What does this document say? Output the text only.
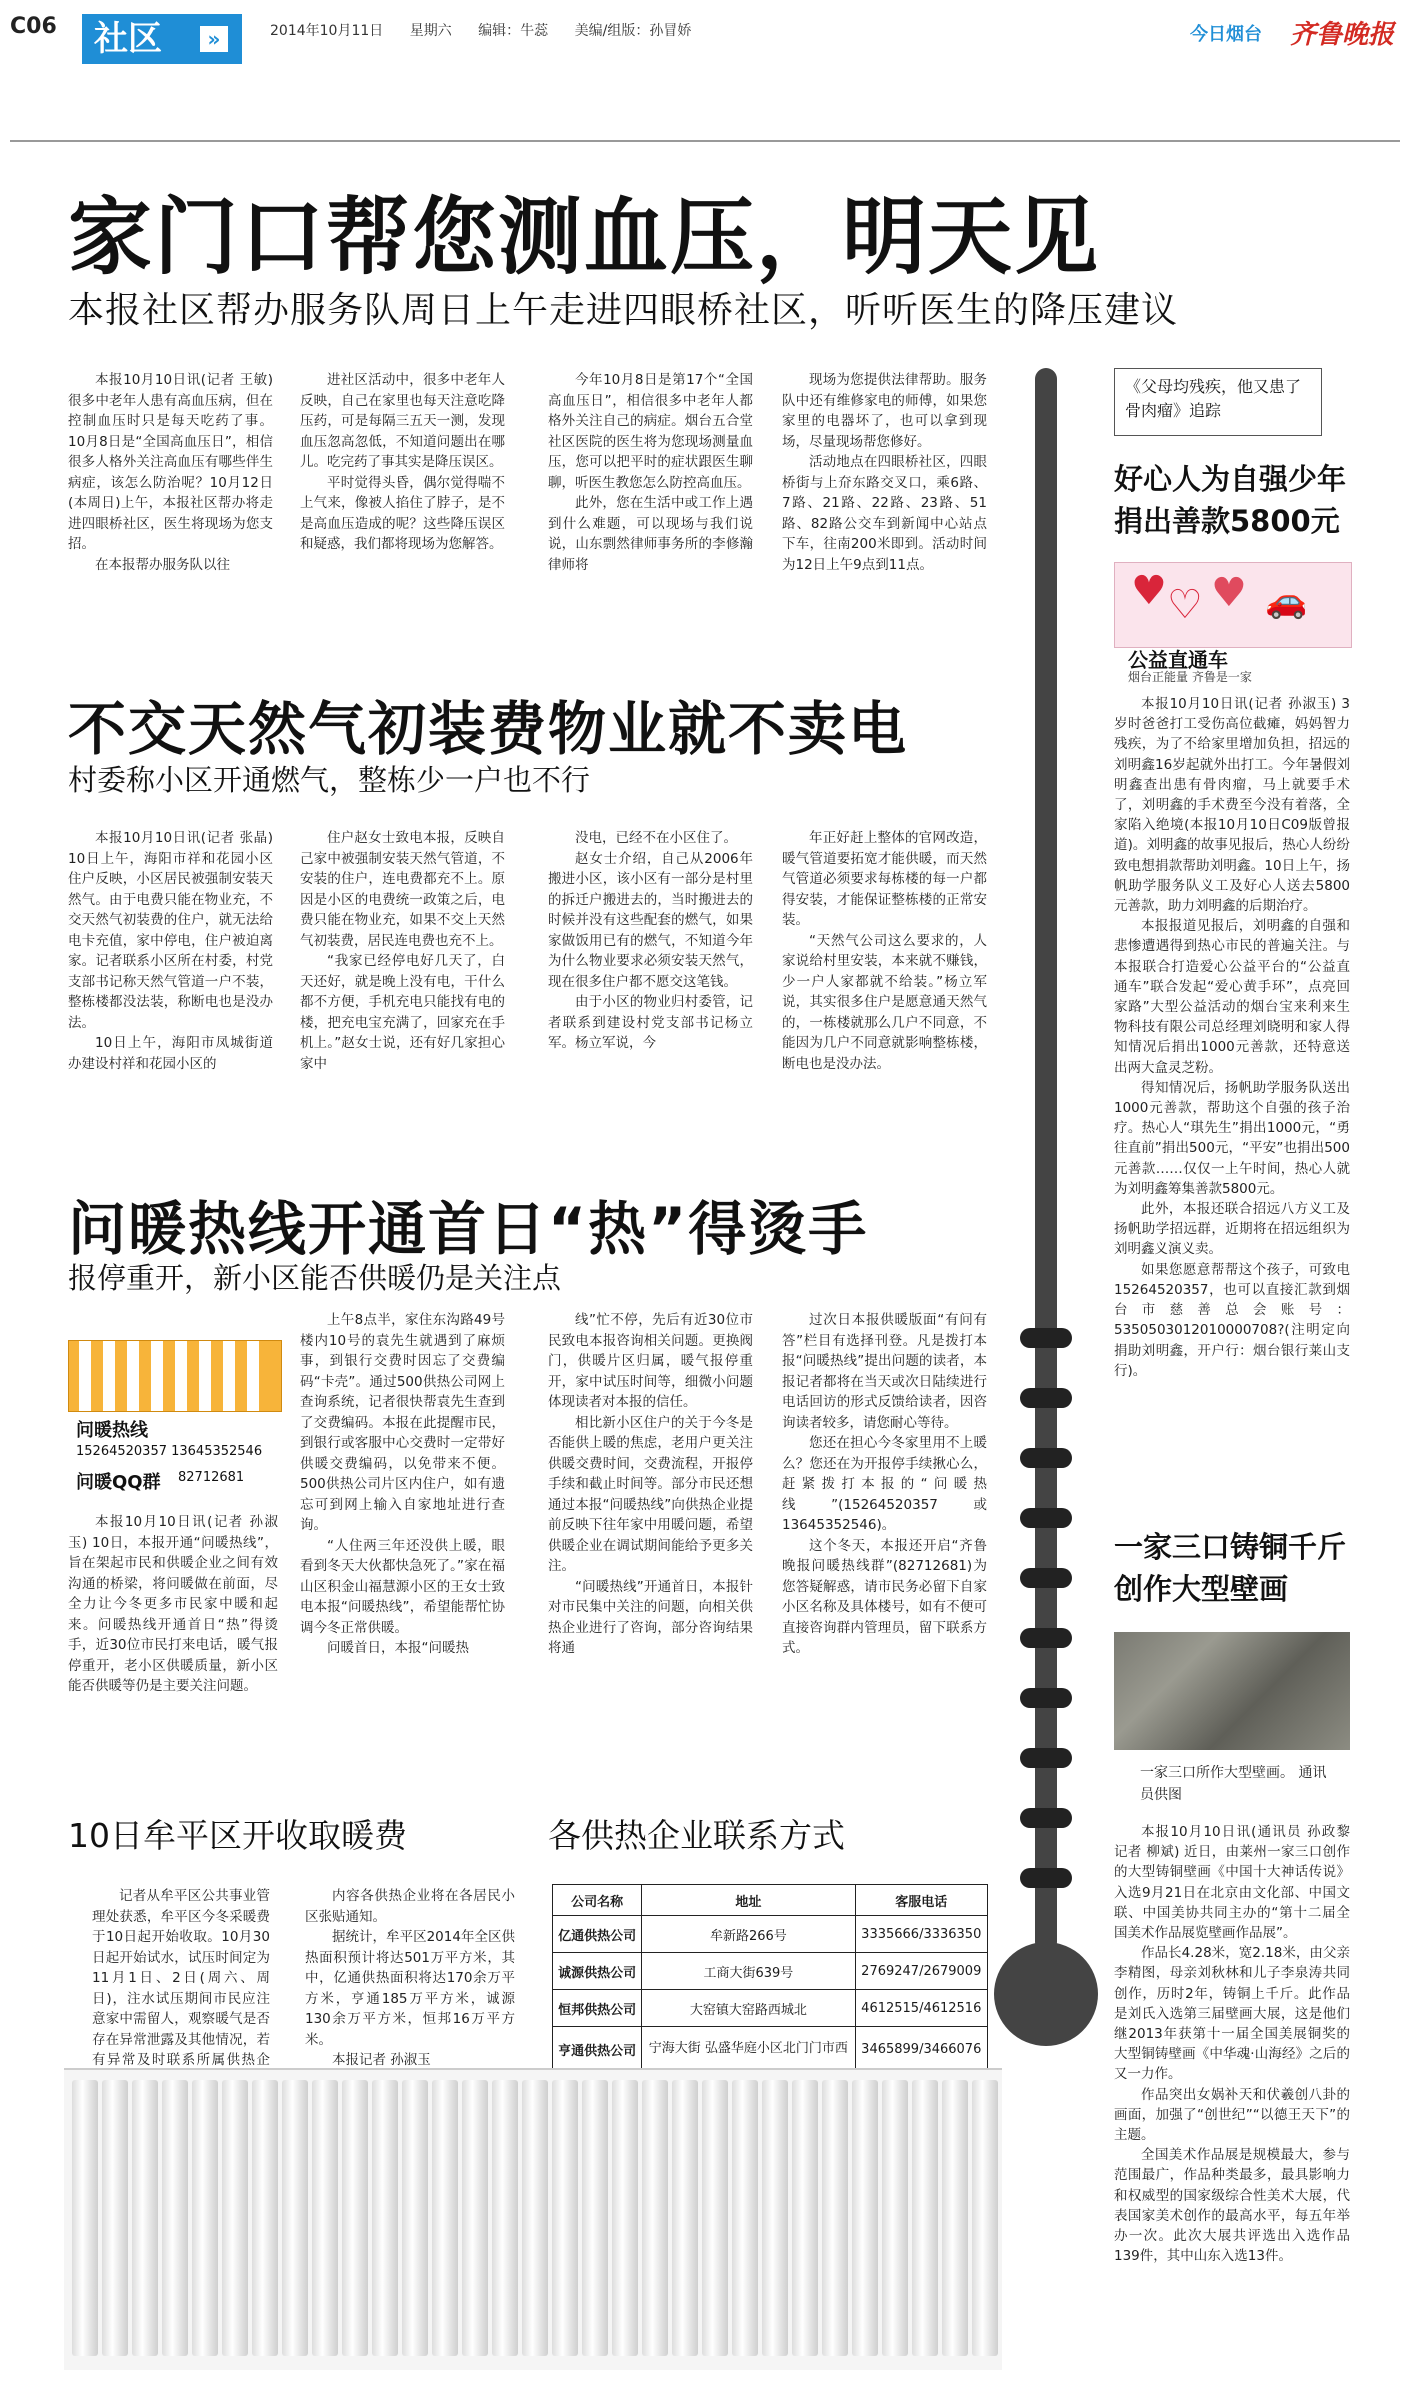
C06	社区	»	2014年10月11日 星期六 编辑：牛蕊 美编/组版：孙冒娇	今日烟台 齐鲁晚报
家门口帮您测血压，明天见
本报社区帮办服务队周日上午走进四眼桥社区，听听医生的降压建议

本报10月10日讯(记者 王敏) 很多中老年人患有高血压病，但在控制血压时只是每天吃药了事。10月8日是“全国高血压日”，相信很多人格外关注高血压有哪些伴生病症，该怎么防治呢？10月12日(本周日)上午，本报社区帮办将走进四眼桥社区，医生将现场为您支招。

在本报帮办服务队以往

进社区活动中，很多中老年人反映，自己在家里也每天注意吃降压药，可是每隔三五天一测，发现血压忽高忽低，不知道问题出在哪儿。吃完药了事其实是降压误区。

平时觉得头昏，偶尔觉得喘不上气来，像被人掐住了脖子，是不是高血压造成的呢？这些降压误区和疑惑，我们都将现场为您解答。

今年10月8日是第17个“全国高血压日”，相信很多中老年人都格外关注自己的病症。烟台五合堂社区医院的医生将为您现场测量血压，您可以把平时的症状跟医生聊聊，听医生教您怎么防控高血压。

此外，您在生活中或工作上遇到什么难题，可以现场与我们说说，山东剽然律师事务所的李修瀚律师将

现场为您提供法律帮助。服务队中还有维修家电的师傅，如果您家里的电器坏了，也可以拿到现场，尽量现场帮您修好。

活动地点在四眼桥社区，四眼桥街与上夼东路交叉口，乘6路、7路、21路、22路、23路、51路、82路公交车到新闻中心站点下车，往南200米即到。活动时间为12日上午9点到11点。

不交天然气初装费物业就不卖电
村委称小区开通燃气，整栋少一户也不行

本报10月10日讯(记者 张晶) 10日上午，海阳市祥和花园小区住户反映，小区居民被强制安装天然气。由于电费只能在物业充，不交天然气初装费的住户，就无法给电卡充值，家中停电，住户被迫离家。记者联系小区所在村委，村党支部书记称天然气管道一户不装，整栋楼都没法装，称断电也是没办法。

10日上午，海阳市凤城街道办建设村祥和花园小区的

住户赵女士致电本报，反映自己家中被强制安装天然气管道，不安装的住户，连电费都充不上。原因是小区的电费统一政策之后，电费只能在物业充，如果不交上天然气初装费，居民连电费也充不上。

“我家已经停电好几天了，白天还好，就是晚上没有电，干什么都不方便，手机充电只能找有电的楼，把充电宝充满了，回家充在手机上。”赵女士说，还有好几家担心家中

没电，已经不在小区住了。

赵女士介绍，自己从2006年搬进小区，该小区有一部分是村里的拆迁户搬进去的，当时搬进去的时候并没有这些配套的燃气，如果家做饭用已有的燃气，不知道今年为什么物业要求必须安装天然气，现在很多住户都不愿交这笔钱。

由于小区的物业归村委管，记者联系到建设村党支部书记杨立军。杨立军说，今

年正好赶上整体的官网改造，暖气管道要拓宽才能供暖，而天然气管道必须要求每栋楼的每一户都得安装，才能保证整栋楼的正常安装。

“天然气公司这么要求的，人家说给村里安装，本来就不赚钱，少一户人家都就不给装。”杨立军说，其实很多住户是愿意通天然气的，一栋楼就那么几户不同意，不能因为几户不同意就影响整栋楼，断电也是没办法。

问暖热线开通首日“热”得烫手
报停重开，新小区能否供暖仍是关注点
问暖热线
15264520357 13645352546
问暖QQ群 82712681

本报10月10日讯(记者 孙淑玉) 10日，本报开通“问暖热线”，旨在架起市民和供暖企业之间有效沟通的桥梁，将问暖做在前面，尽全力让今冬更多市民家中暖和起来。问暖热线开通首日“热”得烫手，近30位市民打来电话，暖气报停重开，老小区供暖质量，新小区能否供暖等仍是主要关注问题。

上午8点半，家住东沟路49号楼内10号的袁先生就遇到了麻烦事，到银行交费时因忘了交费编码“卡壳”。通过500供热公司网上查询系统，记者很快帮袁先生查到了交费编码。本报在此提醒市民，到银行或客服中心交费时一定带好供暖交费编码，以免带来不便。500供热公司片区内住户，如有遗忘可到网上输入自家地址进行查询。

“人住两三年还没供上暖，眼看到冬天大伙都快急死了。”家在福山区积金山福慧源小区的王女士致电本报“问暖热线”，希望能帮忙协调今冬正常供暖。

问暖首日，本报“问暖热

线”忙不停，先后有近30位市民致电本报咨询相关问题。更换阀门，供暖片区归属，暖气报停重开，家中试压时间等，细微小问题体现读者对本报的信任。

相比新小区住户的关于今冬是否能供上暖的焦虑，老用户更关注供暖交费时间，交费流程，开报停手续和截止时间等。部分市民还想通过本报“问暖热线”向供热企业提前反映下往年家中用暖问题，希望供暖企业在调试期间能给予更多关注。

“问暖热线”开通首日，本报针对市民集中关注的问题，向相关供热企业进行了咨询，部分咨询结果将通

过次日本报供暖版面“有问有答”栏目有选择刊登。凡是拨打本报“问暖热线”提出问题的读者，本报记者都将在当天或次日陆续进行电话回访的形式反馈给读者，因咨询读者较多，请您耐心等待。

您还在担心今冬家里用不上暖么？您还在为开报停手续揪心么，赶紧拨打本报的“问暖热线”(15264520357或13645352546)。

这个冬天，本报还开启“齐鲁晚报问暖热线群”(82712681)为您答疑解惑，请市民务必留下自家小区名称及具体楼号，如有不便可直接咨询群内管理员，留下联系方式。

10日牟平区开收取暖费

记者从牟平区公共事业管理处获悉，牟平区今冬采暖费于10日起开始收取。10月30日起开始试水，试压时间定为11月1日、2日(周六、周日)，注水试压期间市民应注意家中需留人，观察暖气是否存在异常泄露及其他情况，若有异常及时联系所属供热企

内容各供热企业将在各居民小区张贴通知。

据统计，牟平区2014年全区供热面积预计将达501万平方米，其中，亿通供热面积将达170余万平方米，亨通185万平方米，诚源130余万平方米，恒邦16万平方米。

本报记者 孙淑玉

各供热企业联系方式
公司名称	地址	客服电话
亿通供热公司	牟新路266号	3335666/3336350
诚源供热公司	工商大街639号	2769247/2679009
恒邦供热公司	大窑镇大窑路西城北	4612515/4612516
亨通供热公司	宁海大街 弘盛华庭小区北门门市西	3465899/3466076
《父母均残疾，他又患了骨肉瘤》追踪
好心人为自强少年捐出善款5800元
♥ ♡ ♥ 🚗
公益直通车
烟台正能量 齐鲁是一家

本报10月10日讯(记者 孙淑玉) 3岁时爸爸打工受伤高位截瘫，妈妈智力残疾，为了不给家里增加负担，招远的刘明鑫16岁起就外出打工。今年暑假刘明鑫查出患有骨肉瘤，马上就要手术了，刘明鑫的手术费至今没有着落，全家陷入绝境(本报10月10日C09版曾报道)。刘明鑫的故事见报后，热心人纷纷致电想捐款帮助刘明鑫。10日上午，扬帆助学服务队义工及好心人送去5800元善款，助力刘明鑫的后期治疗。

本报报道见报后，刘明鑫的自强和悲惨遭遇得到热心市民的普遍关注。与本报联合打造爱心公益平台的“公益直通车”联合发起“爱心黄手环”，点亮回家路”大型公益活动的烟台宝来利来生物科技有限公司总经理刘晓明和家人得知情况后捐出1000元善款，还特意送出两大盒灵芝粉。

得知情况后，扬帆助学服务队送出1000元善款，帮助这个自强的孩子治疗。热心人“琪先生”捐出1000元，“勇往直前”捐出500元，“平安”也捐出500元善款……仅仅一上午时间，热心人就为刘明鑫筹集善款5800元。

此外，本报还联合招远八方义工及扬帆助学招远群，近期将在招远组织为刘明鑫义演义卖。

如果您愿意帮帮这个孩子，可致电15264520357，也可以直接汇款到烟台市慈善总会账号：5350503012010000708?(注明定向捐助刘明鑫，开户行：烟台银行莱山支行)。

一家三口铸铜千斤创作大型壁画
一家三口所作大型壁画。 通讯员供图

本报10月10日讯(通讯员 孙政黎 记者 柳斌) 近日，由莱州一家三口创作的大型铸铜壁画《中国十大神话传说》入选9月21日在北京由文化部、中国文联、中国美协共同主办的“第十二届全国美术作品展览壁画作品展”。

作品长4.28米，宽2.18米，由父亲李精图，母亲刘秋林和儿子李泉涛共同创作，历时2年，铸铜上千斤。此作品是刘氏入选第三届壁画大展，这是他们继2013年获第十一届全国美展铜奖的大型铜铸壁画《中华魂·山海经》之后的又一力作。

作品突出女娲补天和伏羲创八卦的画面，加强了“创世纪”“以德王天下”的主题。

全国美术作品展是规模最大，参与范围最广，作品种类最多，最具影响力和权威型的国家级综合性美术大展，代表国家美术创作的最高水平，每五年举办一次。此次大展共评选出入选作品139件，其中山东入选13件。
